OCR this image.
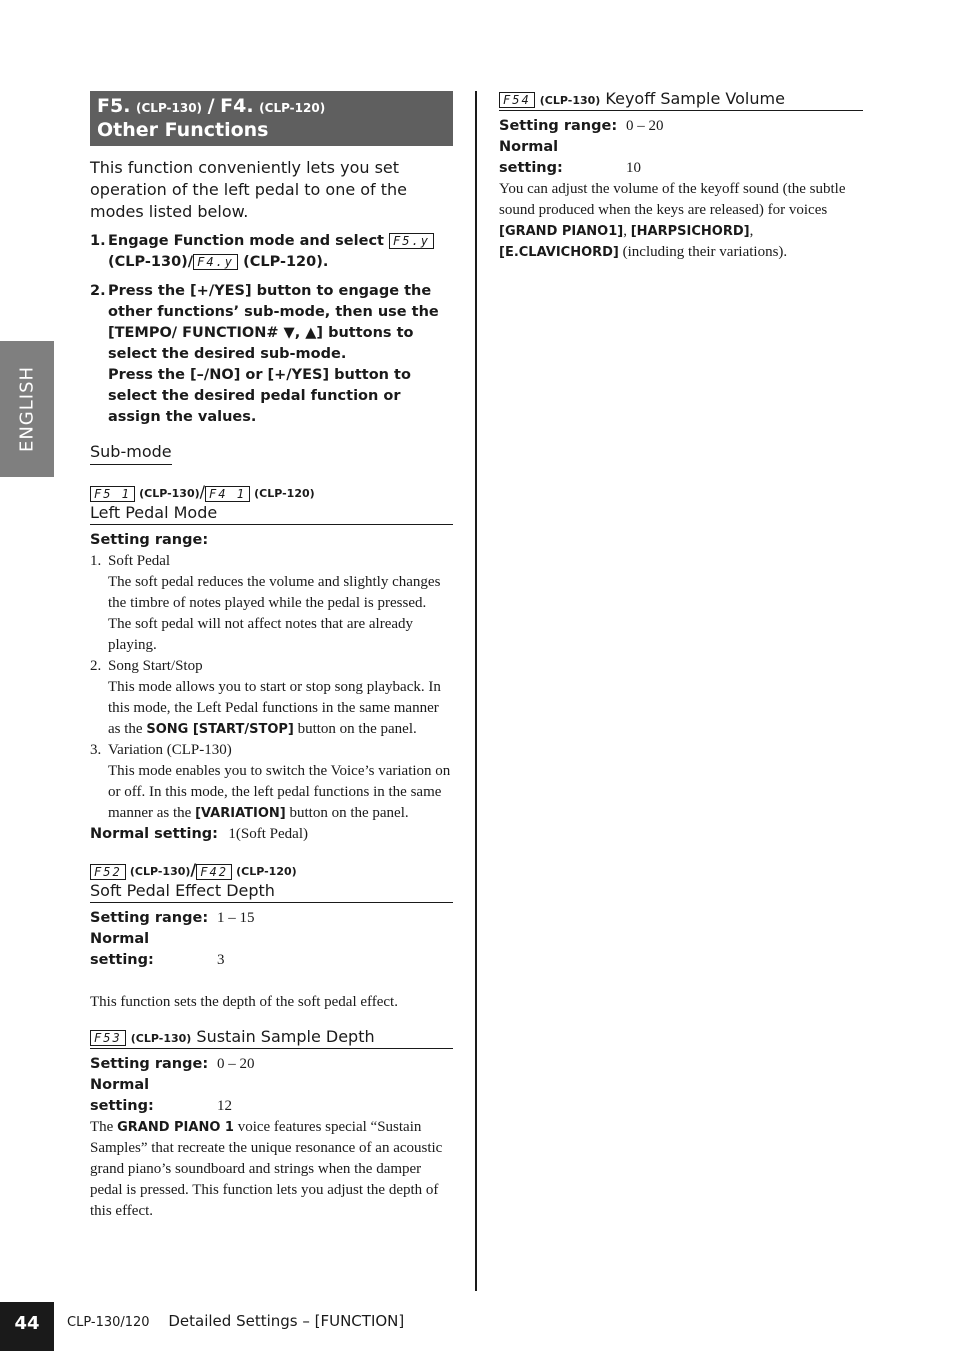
ENGLISH
F5. (CLP-130) / F4. (CLP-120)
Other Functions

This function conveniently lets you set operation of the left pedal to one of the modes listed below.

1. Engage Function mode and select F5.y (CLP-130)/ F4.y (CLP-120).
2. Press the [+/YES] button to engage the other functions’ sub-mode, then use the [TEMPO/ FUNCTION# ▼, ▲] buttons to select the desired sub-mode.
Press the [–/NO] or [+/YES] button to select the desired pedal function or assign the values.
Sub-mode
F5 1 (CLP-130)/ F4 1 (CLP-120)
Left Pedal Mode
Setting range:
1. Soft Pedal
The soft pedal reduces the volume and slightly changes the timbre of notes played while the pedal is pressed. The soft pedal will not affect notes that are already playing.
2. Song Start/Stop
This mode allows you to start or stop song playback. In this mode, the Left Pedal functions in the same manner as the SONG [START/STOP] button on the panel.
3. Variation (CLP-130)
This mode enables you to switch the Voice’s variation on or off. In this mode, the left pedal functions in the same manner as the [VARIATION] button on the panel.
Normal setting: 1(Soft Pedal)
F52 (CLP-130)/ F42 (CLP-120)
Soft Pedal Effect Depth
Setting range: 1 – 15
Normal setting:	3

This function sets the depth of the soft pedal effect.

F53 (CLP-130) Sustain Sample Depth
Setting range: 0 – 20
Normal setting:	12

The GRAND PIANO 1 voice features special “Sustain Samples” that recreate the unique resonance of an acoustic grand piano’s soundboard and strings when the damper pedal is pressed. This function lets you adjust the depth of this effect.

F54 (CLP-130) Keyoff Sample Volume
Setting range: 0 – 20
Normal setting:	10

You can adjust the volume of the keyoff sound (the subtle sound produced when the keys are released) for voices [GRAND PIANO1], [HARPSICHORD], [E.CLAVICHORD] (including their variations).

44	CLP-130/120 Detailed Settings – [FUNCTION]
